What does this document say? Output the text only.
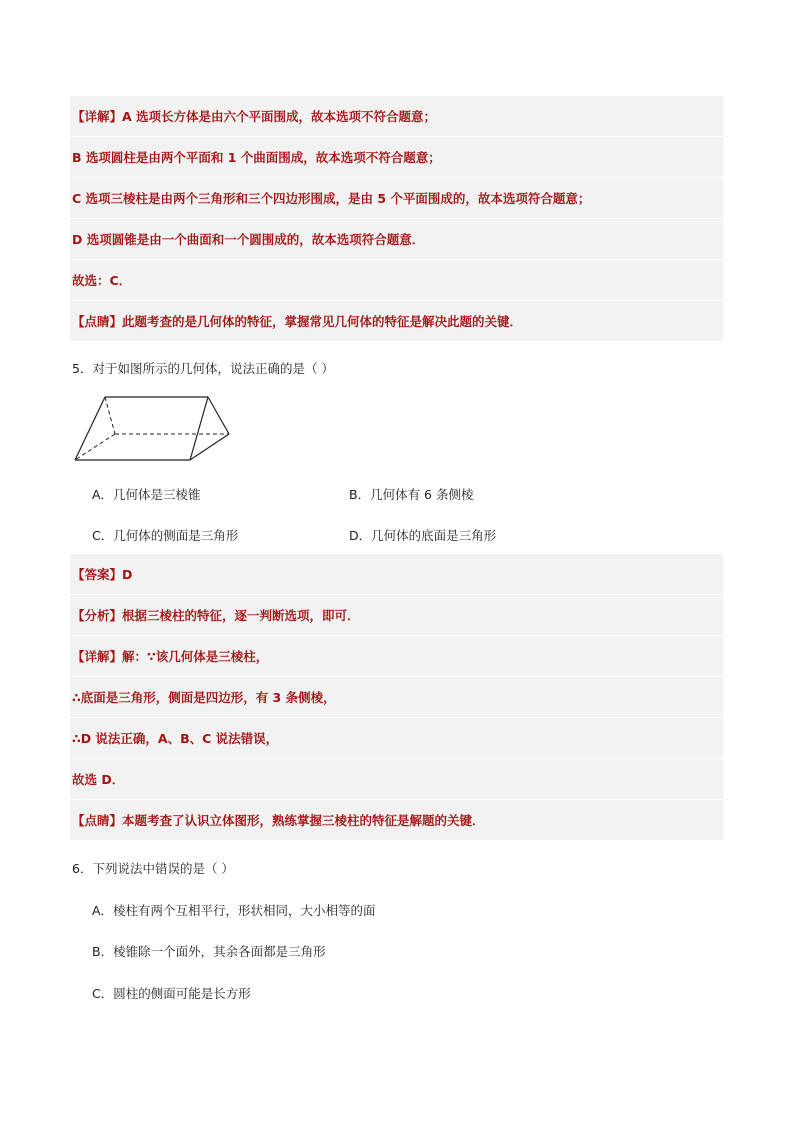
【详解】A 选项长方体是由六个平面围成，故本选项不符合题意；
B 选项圆柱是由两个平面和 1 个曲面围成，故本选项不符合题意；
C 选项三棱柱是由两个三角形和三个四边形围成，是由 5 个平面围成的，故本选项符合题意；
D 选项圆锥是由一个曲面和一个圆围成的，故本选项符合题意．
故选：C．
【点睛】此题考查的是几何体的特征，掌握常见几何体的特征是解决此题的关键．
5．对于如图所示的几何体，说法正确的是（ ）
A．几何体是三棱锥	B．几何体有 6 条侧棱
C．几何体的侧面是三角形	D．几何体的底面是三角形
【答案】D
【分析】根据三棱柱的特征，逐一判断选项，即可．
【详解】解：∵该几何体是三棱柱，
∴底面是三角形，侧面是四边形，有 3 条侧棱，
∴D 说法正确，A、B、C 说法错误，
故选 D．
【点睛】本题考查了认识立体图形，熟练掌握三棱柱的特征是解题的关键．
6．下列说法中错误的是（ ）
A．棱柱有两个互相平行，形状相同，大小相等的面
B．棱锥除一个面外，其余各面都是三角形
C．圆柱的侧面可能是长方形
